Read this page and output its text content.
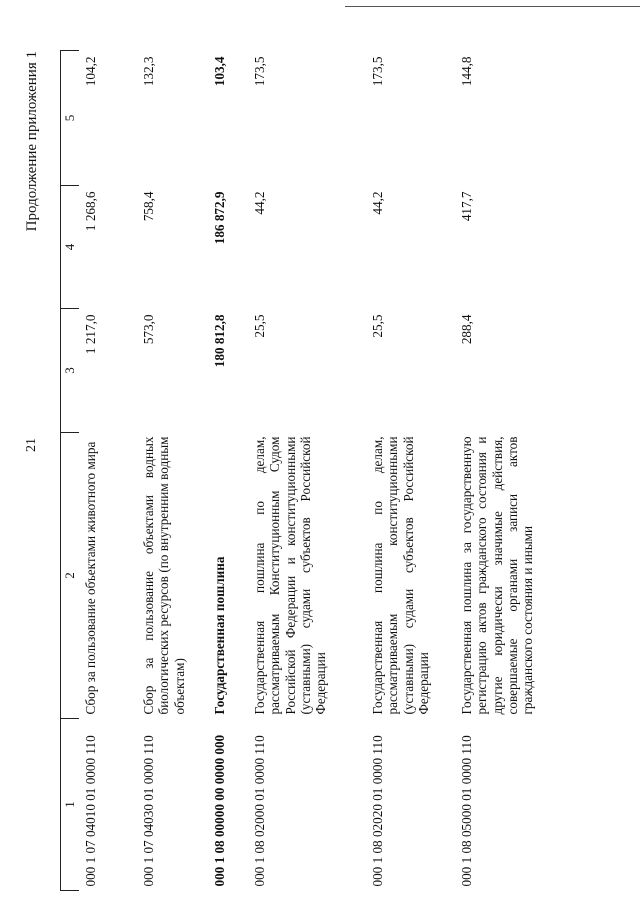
21
Продолжение приложения 1
1	2	3	4	5
000 1 07 04010 01 0000 110	Сбор за пользование объектами животного мира	1 217,0	1 268,6	104,2
000 1 07 04030 01 0000 110	Сбор за пользование объектами водных биологических ресурсов (по внутренним водным объектам)	573,0	758,4	132,3
000 1 08 00000 00 0000 000	Государственная пошлина	180 812,8	186 872,9	103,4
000 1 08 02000 01 0000 110	Государственная пошлина по делам, рассматриваемым Конституционным Судом Российской Федерации и конституционными (уставными) судами субъектов Российской Федерации	25,5	44,2	173,5
000 1 08 02020 01 0000 110	Государственная пошлина по делам, рассматриваемым конституционными (уставными) судами субъектов Российской Федерации	25,5	44,2	173,5
000 1 08 05000 01 0000 110	Государственная пошлина за государственную регистрацию актов гражданского состояния и другие юридически значимые действия, совершаемые органами записи актов гражданского состояния и иными	288,4	417,7	144,8
